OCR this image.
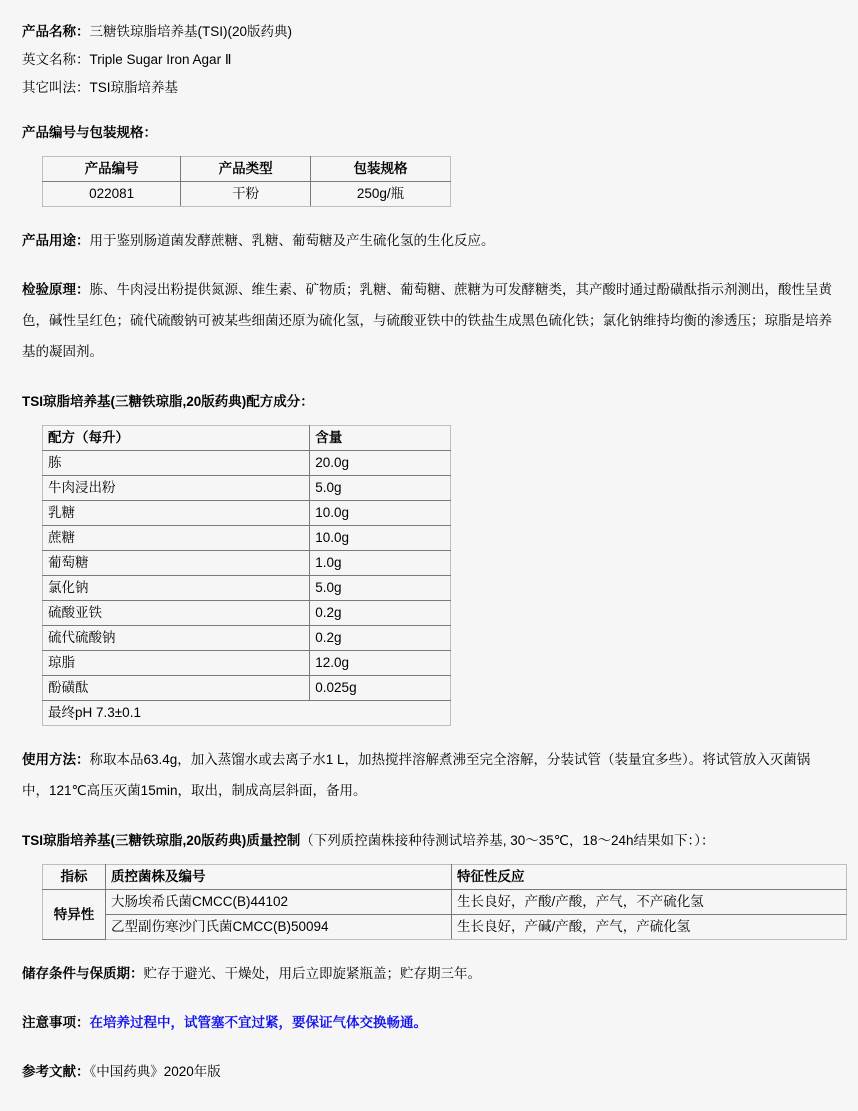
产品名称：三糖铁琼脂培养基(TSI)(20版药典)

英文名称：Triple Sugar Iron Agar Ⅱ

其它叫法：TSI琼脂培养基

产品编号与包装规格：

产品编号	产品类型	包装规格
022081	干粉	250g/瓶

产品用途：用于鉴别肠道菌发酵蔗糖、乳糖、葡萄糖及产生硫化氢的生化反应。

检验原理：胨、牛肉浸出粉提供氮源、维生素、矿物质；乳糖、葡萄糖、蔗糖为可发酵糖类，其产酸时通过酚磺酞指示剂测出，酸性呈黄色，碱性呈红色；硫代硫酸钠可被某些细菌还原为硫化氢，与硫酸亚铁中的铁盐生成黑色硫化铁；氯化钠维持均衡的渗透压；琼脂是培养基的凝固剂。

TSI琼脂培养基(三糖铁琼脂,20版药典)配方成分：

配方（每升）	含量
胨	20.0g
牛肉浸出粉	5.0g
乳糖	10.0g
蔗糖	10.0g
葡萄糖	1.0g
氯化钠	5.0g
硫酸亚铁	0.2g
硫代硫酸钠	0.2g
琼脂	12.0g
酚磺酞	0.025g
最终pH 7.3±0.1	

使用方法：称取本品63.4g，加入蒸馏水或去离子水1 L，加热搅拌溶解煮沸至完全溶解，分装试管（装量宜多些）。将试管放入灭菌锅中，121℃高压灭菌15min，取出，制成高层斜面，备用。

TSI琼脂培养基(三糖铁琼脂,20版药典)质量控制（下列质控菌株接种待测试培养基, 30～35℃，18～24h结果如下：）：

指标	质控菌株及编号	特征性反应
特异性	大肠埃希氏菌CMCC(B)44102	生长良好，产酸/产酸，产气，不产硫化氢
	乙型副伤寒沙门氏菌CMCC(B)50094	生长良好，产碱/产酸，产气，产硫化氢

储存条件与保质期：贮存于避光、干燥处，用后立即旋紧瓶盖；贮存期三年。

注意事项：在培养过程中，试管塞不宜过紧，要保证气体交换畅通。

参考文献：《中国药典》2020年版
